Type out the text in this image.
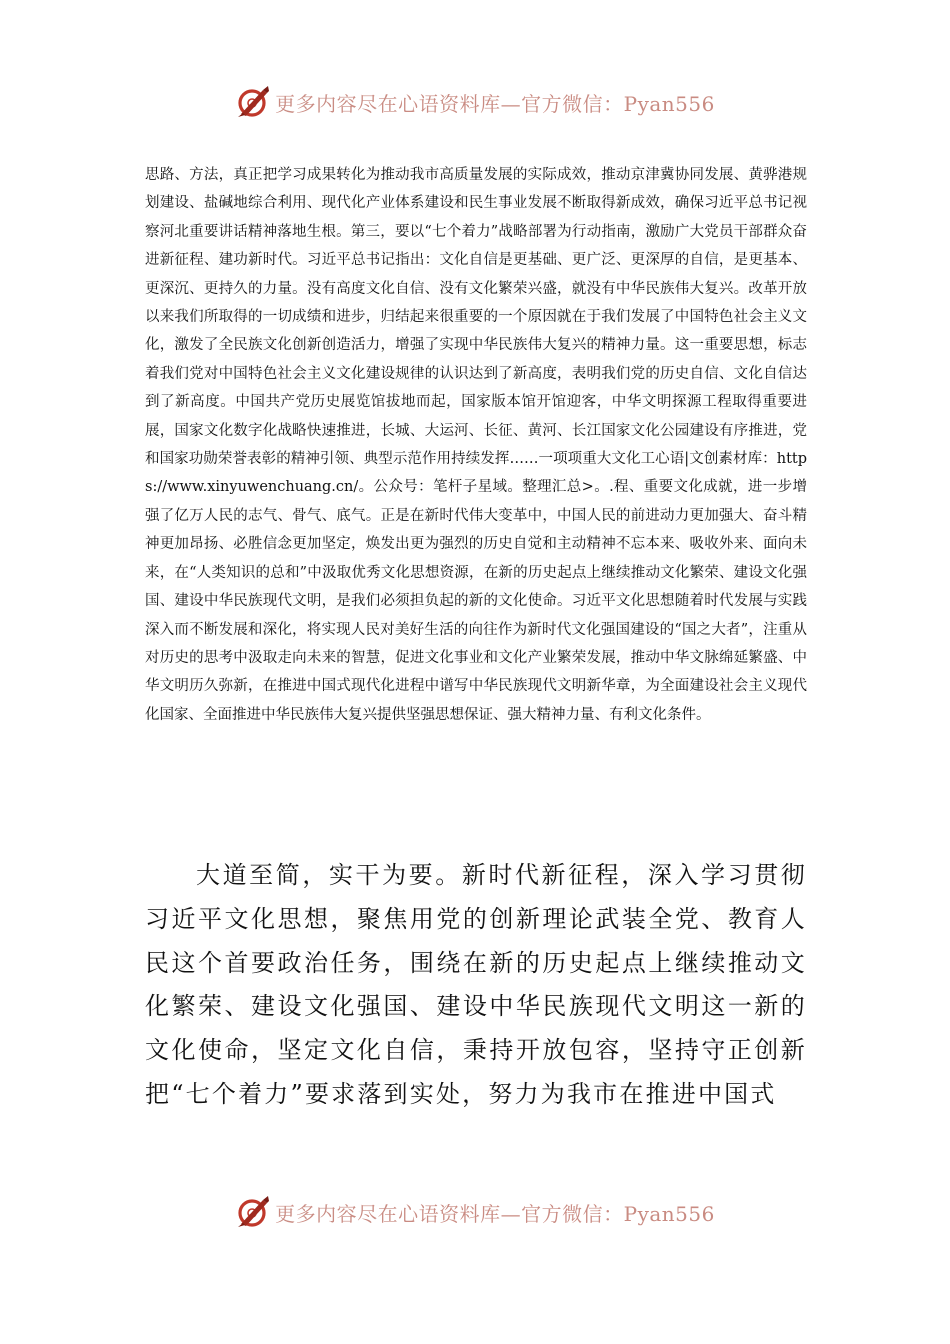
更多内容尽在心语资料库—官方微信：Pyan556

思路、方法，真正把学习成果转化为推动我市高质量发展的实际成效，推动京津冀协同发展、黄骅港规划建设、盐碱地综合利用、现代化产业体系建设和民生事业发展不断取得新成效，确保习近平总书记视察河北重要讲话精神落地生根。第三，要以“七个着力”战略部署为行动指南，激励广大党员干部群众奋进新征程、建功新时代。习近平总书记指出：文化自信是更基础、更广泛、更深厚的自信，是更基本、更深沉、更持久的力量。没有高度文化自信、没有文化繁荣兴盛，就没有中华民族伟大复兴。改革开放以来我们所取得的一切成绩和进步，归结起来很重要的一个原因就在于我们发展了中国特色社会主义文化，激发了全民族文化创新创造活力，增强了实现中华民族伟大复兴的精神力量。这一重要思想，标志着我们党对中国特色社会主义文化建设规律的认识达到了新高度，表明我们党的历史自信、文化自信达到了新高度。中国共产党历史展览馆拔地而起，国家版本馆开馆迎客，中华文明探源工程取得重要进展，国家文化数字化战略快速推进，长城、大运河、长征、黄河、长江国家文化公园建设有序推进，党和国家功勋荣誉表彰的精神引领、典型示范作用持续发挥……一项项重大文化工心语|文创素材库：https://www.xinyuwenchuang.cn/。公众号：笔杆子星域。整理汇总>。.程、重要文化成就，进一步增强了亿万人民的志气、骨气、底气。正是在新时代伟大变革中，中国人民的前进动力更加强大、奋斗精神更加昂扬、必胜信念更加坚定，焕发出更为强烈的历史自觉和主动精神不忘本来、吸收外来、面向未来，在“人类知识的总和”中汲取优秀文化思想资源，在新的历史起点上继续推动文化繁荣、建设文化强国、建设中华民族现代文明，是我们必须担负起的新的文化使命。习近平文化思想随着时代发展与实践深入而不断发展和深化，将实现人民对美好生活的向往作为新时代文化强国建设的“国之大者”，注重从对历史的思考中汲取走向未来的智慧，促进文化事业和文化产业繁荣发展，推动中华文脉绵延繁盛、中华文明历久弥新，在推进中国式现代化进程中谱写中华民族现代文明新华章，为全面建设社会主义现代化国家、全面推进中华民族伟大复兴提供坚强思想保证、强大精神力量、有利文化条件。

大道至简，实干为要。新时代新征程，深入学习贯彻习近平文化思想，聚焦用党的创新理论武装全党、教育人民这个首要政治任务，围绕在新的历史起点上继续推动文化繁荣、建设文化强国、建设中华民族现代文明这一新的文化使命，坚定文化自信，秉持开放包容，坚持守正创新把“七个着力”要求落到实处，努力为我市在推进中国式

更多内容尽在心语资料库—官方微信：Pyan556
